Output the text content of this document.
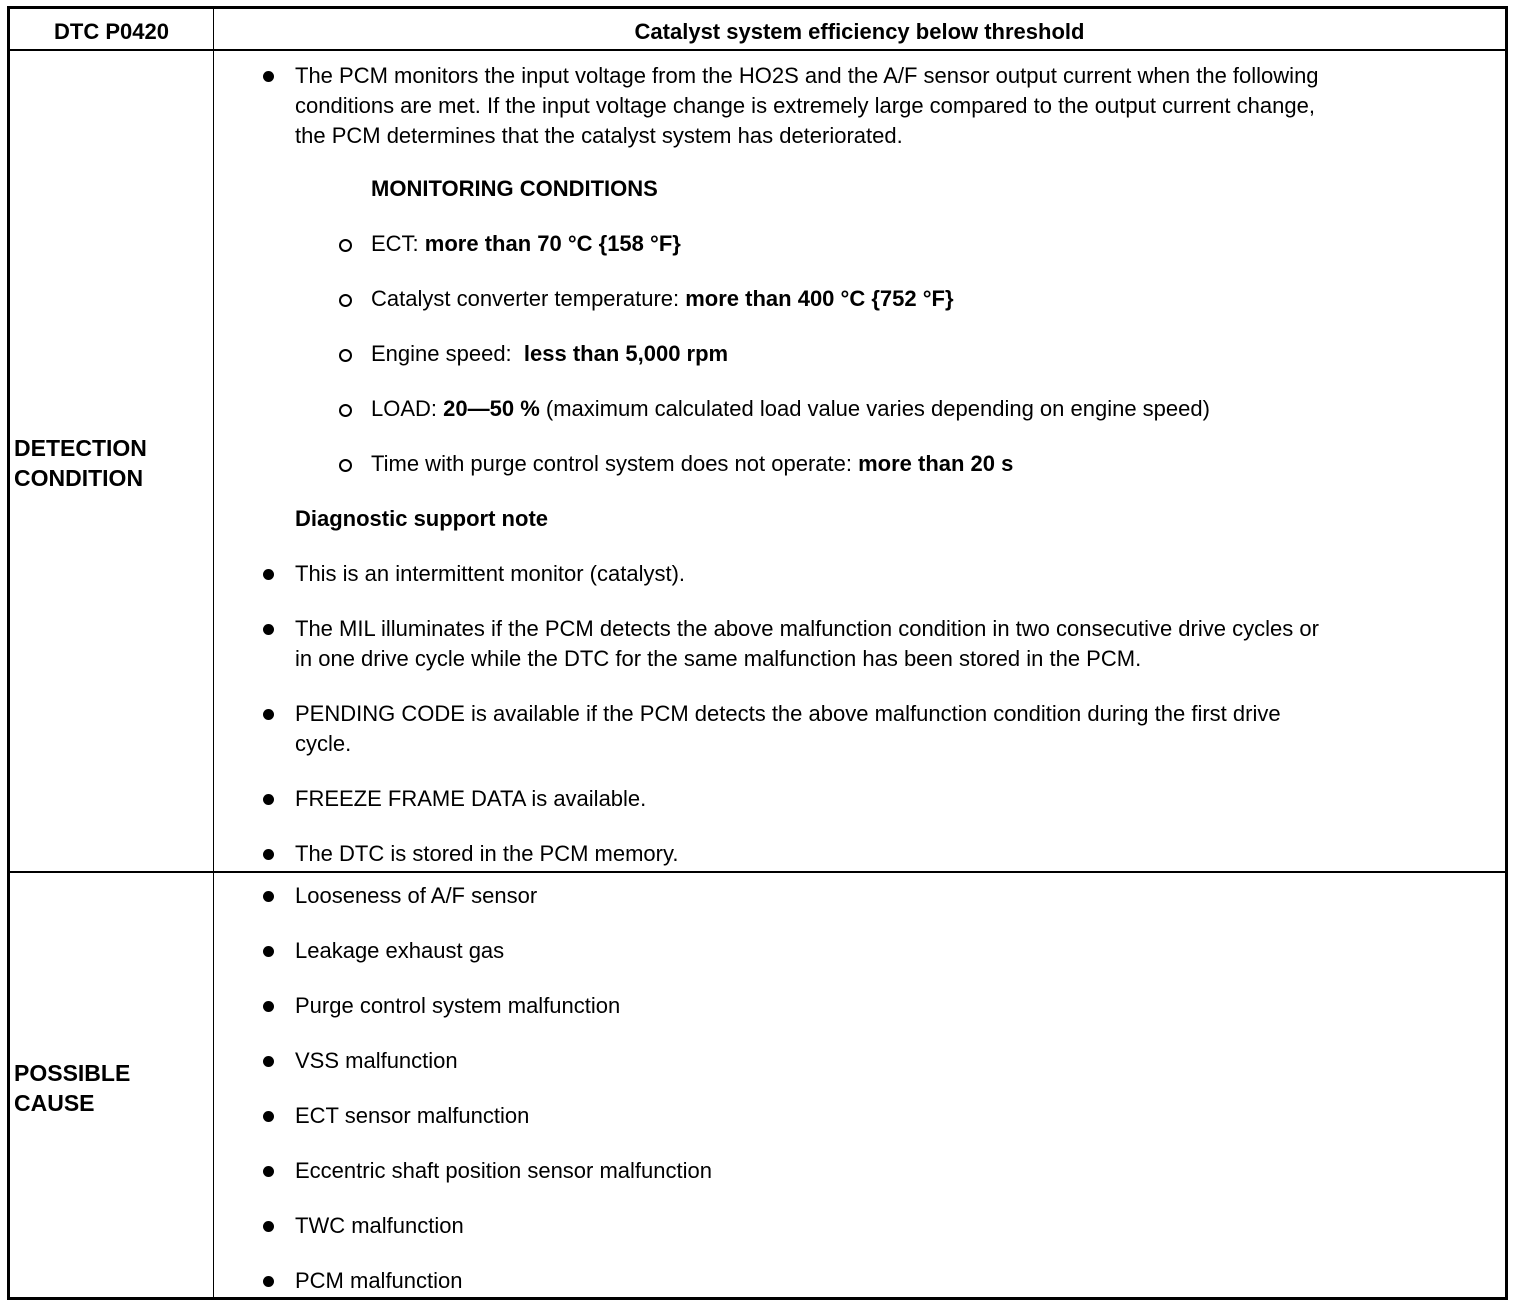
DTC P0420	Catalyst system efficiency below threshold
DETECTION
CONDITION
The PCM monitors the input voltage from the HO2S and the A/F sensor output current when the following
conditions are met. If the input voltage change is extremely large compared to the output current change,
the PCM determines that the catalyst system has deteriorated.
MONITORING CONDITIONS
ECT: more than 70 °C {158 °F}
Catalyst converter temperature: more than 400 °C {752 °F}
Engine speed:  less than 5,000 rpm
LOAD: 20—50 % (maximum calculated load value varies depending on engine speed)
Time with purge control system does not operate: more than 20 s
Diagnostic support note
This is an intermittent monitor (catalyst).
The MIL illuminates if the PCM detects the above malfunction condition in two consecutive drive cycles or
in one drive cycle while the DTC for the same malfunction has been stored in the PCM.
PENDING CODE is available if the PCM detects the above malfunction condition during the first drive
cycle.
FREEZE FRAME DATA is available.
The DTC is stored in the PCM memory.
POSSIBLE
CAUSE
Looseness of A/F sensor
Leakage exhaust gas
Purge control system malfunction
VSS malfunction
ECT sensor malfunction
Eccentric shaft position sensor malfunction
TWC malfunction
PCM malfunction
